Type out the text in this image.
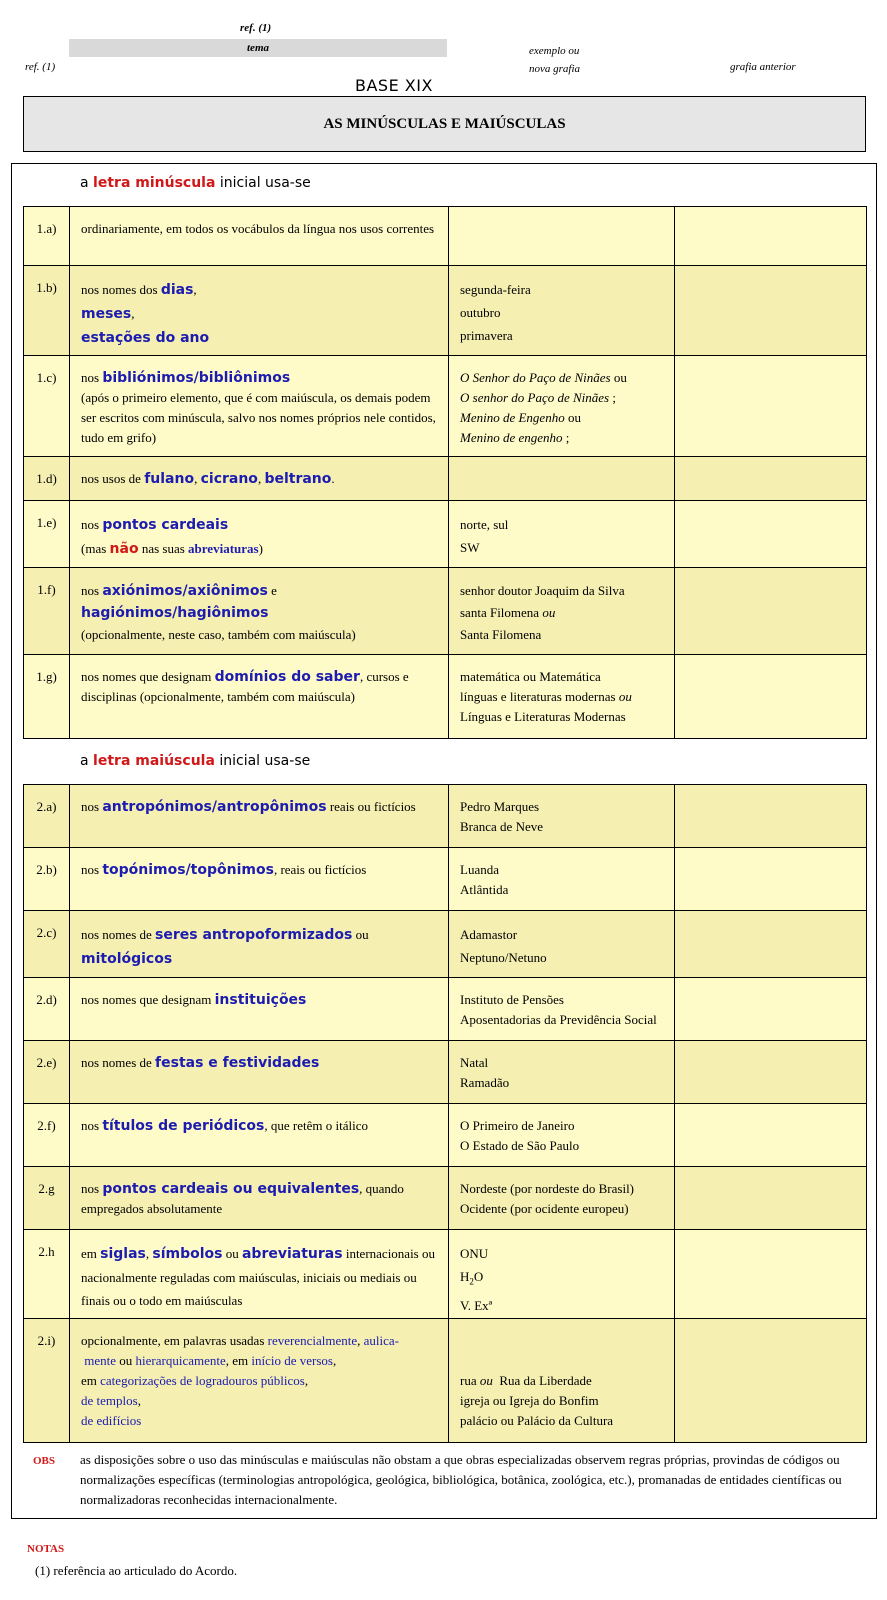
ref. (1)
tema
ref. (1)
exemplo ou
nova grafia	grafia anterior
BASE XIX
AS MINÚSCULAS E MAIÚSCULAS
a letra minúscula inicial usa-se
1.a)	ordinariamente, em todos os vocábulos da língua nos usos correntes		

1.b)	nos nomes dos dias,
meses,
estações do ano	segunda-feira
outubro
primavera	

1.c)	nos bibliónimos/bibliônimos
(após o primeiro elemento, que é com maiúscula, os demais podem ser escritos com minúscula, salvo nos nomes próprios nele contidos, tudo em grifo)	O Senhor do Paço de Ninães ou
O senhor do Paço de Ninães ;
Menino de Engenho ou
Menino de engenho ;	

1.d)	nos usos de fulano, cicrano, beltrano.		

1.e)	nos pontos cardeais
(mas não nas suas abreviaturas)	norte, sul
SW	

1.f)	nos axiónimos/axiônimos e
hagiónimos/hagiônimos
(opcionalmente, neste caso, também com maiúscula)	senhor doutor Joaquim da Silva
santa Filomena ou
Santa Filomena	

1.g)	nos nomes que designam domínios do saber, cursos e disciplinas (opcionalmente, também com maiúscula)	matemática ou Matemática
línguas e literaturas modernas ou
Línguas e Literaturas Modernas	

a letra maiúscula inicial usa-se
2.a)	nos antropónimos/antropônimos reais ou fictícios	Pedro Marques
Branca de Neve	

2.b)	nos topónimos/topônimos, reais ou fictícios	Luanda
Atlântida	

2.c)	nos nomes de seres antropoformizados ou
mitológicos	Adamastor
Neptuno/Netuno	

2.d)	nos nomes que designam instituições	Instituto de Pensões
Aposentadorias da Previdência Social	

2.e)	nos nomes de festas e festividades	Natal
Ramadão	

2.f)	nos títulos de periódicos, que retêm o itálico	O Primeiro de Janeiro
O Estado de São Paulo	

2.g	nos pontos cardeais ou equivalentes, quando empregados absolutamente	Nordeste (por nordeste do Brasil)
Ocidente (por ocidente europeu)	

2.h	em siglas, símbolos ou abreviaturas internacionais ou nacionalmente reguladas com maiúsculas, iniciais ou mediais ou finais ou o todo em maiúsculas	ONU
$H_2O$
V. Exª	

2.i)	opcionalmente, em palavras usadas reverencialmente, aulica-
mente ou hierarquicamente, em início de versos,
em categorizações de logradouros públicos,
de templos,
de edifícios	rua ou Rua da Liberdade
igreja ou Igreja do Bonfim
palácio ou Palácio da Cultura	

OBS as disposições sobre o uso das minúsculas e maiúsculas não obstam a que obras especializadas observem regras próprias, provindas de códigos ou normalizações específicas (terminologias antropológica, geológica, bibliológica, botânica, zoológica, etc.), promanadas de entidades científicas ou normalizadoras reconhecidas internacionalmente.
NOTAS
(1) referência ao articulado do Acordo.
